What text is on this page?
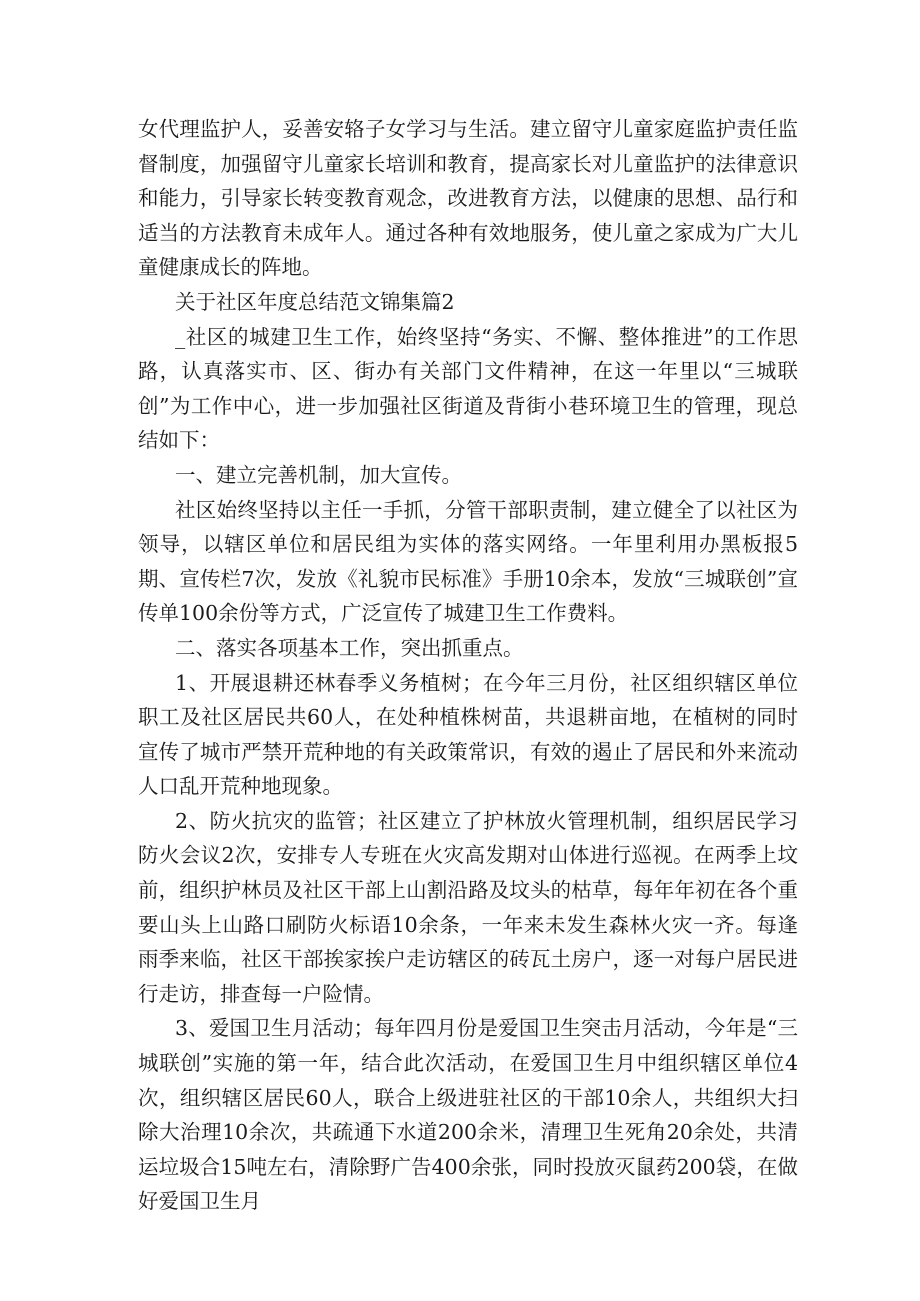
女代理监护人，妥善安辂子女学习与生活。建立留守儿童家庭监护责任监督制度，加强留守儿童家长培训和教育，提高家长对儿童监护的法律意识和能力，引导家长转变教育观念，改进教育方法，以健康的思想、品行和适当的方法教育未成年人。通过各种有效地服务，使儿童之家成为广大儿童健康成长的阵地。

关于社区年度总结范文锦集篇2

_社区的城建卫生工作，始终坚持“务实、不懈、整体推进”的工作思路，认真落实市、区、街办有关部门文件精神，在这一年里以“三城联创”为工作中心，进一步加强社区街道及背街小巷环境卫生的管理，现总结如下：

一、建立完善机制，加大宣传。

社区始终坚持以主任一手抓，分管干部职责制，建立健全了以社区为领导，以辖区单位和居民组为实体的落实网络。一年里利用办黑板报5期、宣传栏7次，发放《礼貌市民标准》手册10余本，发放“三城联创”宣传单100余份等方式，广泛宣传了城建卫生工作费料。

二、落实各项基本工作，突出抓重点。

1、开展退耕还林春季义务植树；在今年三月份，社区组织辖区单位职工及社区居民共60人，在处种植株树苗，共退耕亩地，在植树的同时宣传了城市严禁开荒种地的有关政策常识，有效的遏止了居民和外来流动人口乱开荒种地现象。

2、防火抗灾的监管；社区建立了护林放火管理机制，组织居民学习防火会议2次，安排专人专班在火灾高发期对山体进行巡视。在两季上坟前，组织护林员及社区干部上山割沿路及坟头的枯草，每年年初在各个重要山头上山路口刷防火标语10余条，一年来未发生森林火灾一齐。每逢雨季来临，社区干部挨家挨户走访辖区的砖瓦土房户，逐一对每户居民进行走访，排查每一户险情。

3、爱国卫生月活动；每年四月份是爱国卫生突击月活动，今年是“三城联创”实施的第一年，结合此次活动，在爱国卫生月中组织辖区单位4次，组织辖区居民60人，联合上级进驻社区的干部10余人，共组织大扫除大治理10余次，共疏通下水道200余米，清理卫生死角20余处，共清运垃圾合15吨左右，清除野广告400余张，同时投放灭鼠药200袋，在做好爱国卫生月
